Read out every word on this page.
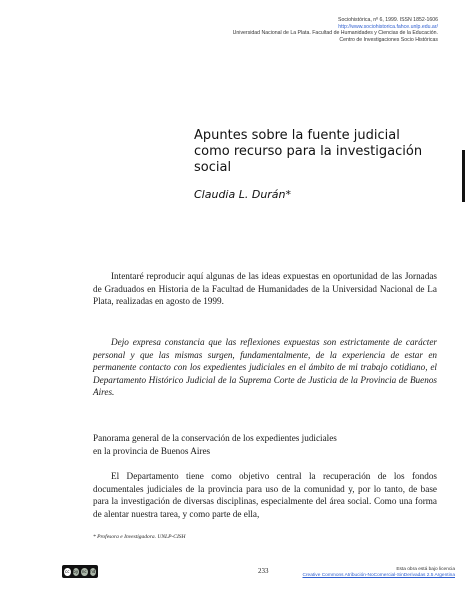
Sociohistórica, nº 6, 1999. ISSN 1852-1606
http://www.sociohistorica.fahce.unlp.edu.ar/
Universidad Nacional de La Plata. Facultad de Humanidades y Ciencias de la Educación.
Centro de Investigaciones Socio Históricas
Apuntes sobre la fuente judicial
como recurso para la investigación
social
Claudia L. Durán*
Intentaré reproducir aquí algunas de las ideas expuestas en oportunidad de las Jornadas de Graduados en Historia de la Facultad de Humanidades de la Universidad Nacional de La Plata, realizadas en agosto de 1999.
Dejo expresa constancia que las reflexiones expuestas son estrictamente de carácter personal y que las mismas surgen, fundamentalmente, de la experiencia de estar en permanente contacto con los expedientes judiciales en el ámbito de mi trabajo cotidiano, el Departamento Histórico Judicial de la Suprema Corte de Justicia de la Provincia de Buenos Aires.
Panorama general de la conservación de los expedientes judiciales
en la provincia de Buenos Aires
El Departamento tiene como objetivo central la recuperación de los fondos documentales judiciales de la provincia para uso de la comunidad y, por lo tanto, de base para la investigación de diversas disciplinas, especialmente del área social. Como una forma de alentar nuestra tarea, y como parte de ella,
* Profesora e Investigadora. UNLP-CISH
cc by nc nd	233	Esta obra está bajo licencia
Creative Commons Atribución-NoComercial-SinDerivadas 2.5 Argentina
